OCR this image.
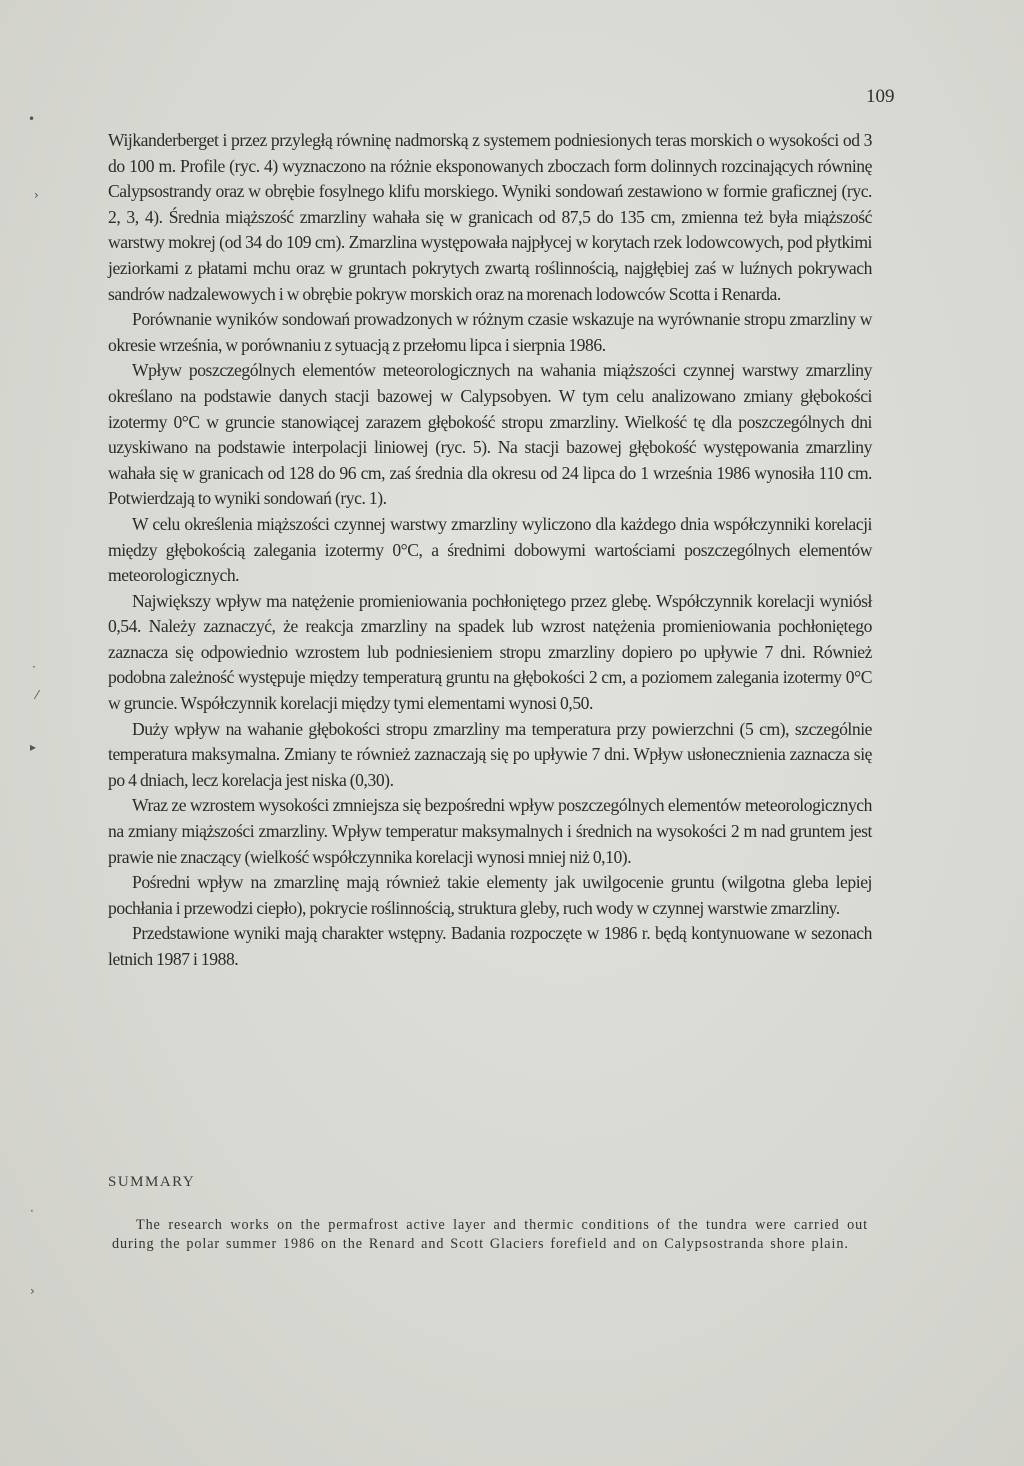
109

Wijkanderberget i przez przyległą równinę nadmorską z systemem podniesionych teras morskich o wysokości od 3 do 100 m. Profile (ryc. 4) wyznaczono na różnie eksponowanych zboczach form dolinnych rozcinających równinę Calypsostrandy oraz w obrębie fosylnego klifu morskiego. Wyniki sondowań zestawiono w formie graficznej (ryc. 2, 3, 4). Średnia miąższość zmarzliny wahała się w granicach od 87,5 do 135 cm, zmienna też była miąższość warstwy mokrej (od 34 do 109 cm). Zmarzlina występowała najpłycej w korytach rzek lodowcowych, pod płytkimi jeziorkami z płatami mchu oraz w gruntach pokrytych zwartą roślinnością, najgłębiej zaś w luźnych pokrywach sandrów nadzalewowych i w obrębie pokryw morskich oraz na morenach lodowców Scotta i Renarda.

Porównanie wyników sondowań prowadzonych w różnym czasie wskazuje na wyrównanie stropu zmarzliny w okresie września, w porównaniu z sytuacją z przełomu lipca i sierpnia 1986.

Wpływ poszczególnych elementów meteorologicznych na wahania miąższości czynnej warstwy zmarzliny określano na podstawie danych stacji bazowej w Calypsobyen. W tym celu analizowano zmiany głębokości izotermy 0°C w gruncie stanowiącej zarazem głębokość stropu zmarzliny. Wielkość tę dla poszczególnych dni uzyskiwano na podstawie interpolacji liniowej (ryc. 5). Na stacji bazowej głębokość występowania zmarzliny wahała się w granicach od 128 do 96 cm, zaś średnia dla okresu od 24 lipca do 1 września 1986 wynosiła 110 cm. Potwierdzają to wyniki sondowań (ryc. 1).

W celu określenia miąższości czynnej warstwy zmarzliny wyliczono dla każdego dnia współczynniki korelacji między głębokością zalegania izotermy 0°C, a średnimi dobowymi wartościami poszczególnych elementów meteorologicznych.

Największy wpływ ma natężenie promieniowania pochłoniętego przez glebę. Współczynnik korelacji wyniósł 0,54. Należy zaznaczyć, że reakcja zmarzliny na spadek lub wzrost natężenia promieniowania pochłoniętego zaznacza się odpowiednio wzrostem lub podniesieniem stropu zmarzliny dopiero po upływie 7 dni. Również podobna zależność występuje między temperaturą gruntu na głębokości 2 cm, a poziomem zalegania izotermy 0°C w gruncie. Współczynnik korelacji między tymi elementami wynosi 0,50.

Duży wpływ na wahanie głębokości stropu zmarzliny ma temperatura przy powierzchni (5 cm), szczególnie temperatura maksymalna. Zmiany te również zaznaczają się po upływie 7 dni. Wpływ usłonecznienia zaznacza się po 4 dniach, lecz korelacja jest niska (0,30).

Wraz ze wzrostem wysokości zmniejsza się bezpośredni wpływ poszczególnych elementów meteorologicznych na zmiany miąższości zmarzliny. Wpływ temperatur maksymalnych i średnich na wysokości 2 m nad gruntem jest prawie nie znaczący (wielkość współczynnika korelacji wynosi mniej niż 0,10).

Pośredni wpływ na zmarzlinę mają również takie elementy jak uwilgocenie gruntu (wilgotna gleba lepiej pochłania i przewodzi ciepło), pokrycie roślinnością, struktura gleby, ruch wody w czynnej warstwie zmarzliny.

Przedstawione wyniki mają charakter wstępny. Badania rozpoczęte w 1986 r. będą kontynuowane w sezonach letnich 1987 i 1988.

SUMMARY

The research works on the permafrost active layer and thermic conditions of the tundra were carried out during the polar summer 1986 on the Renard and Scott Glaciers forefield and on Calypsostranda shore plain.

•
›
·
⁄
▸
·
›
